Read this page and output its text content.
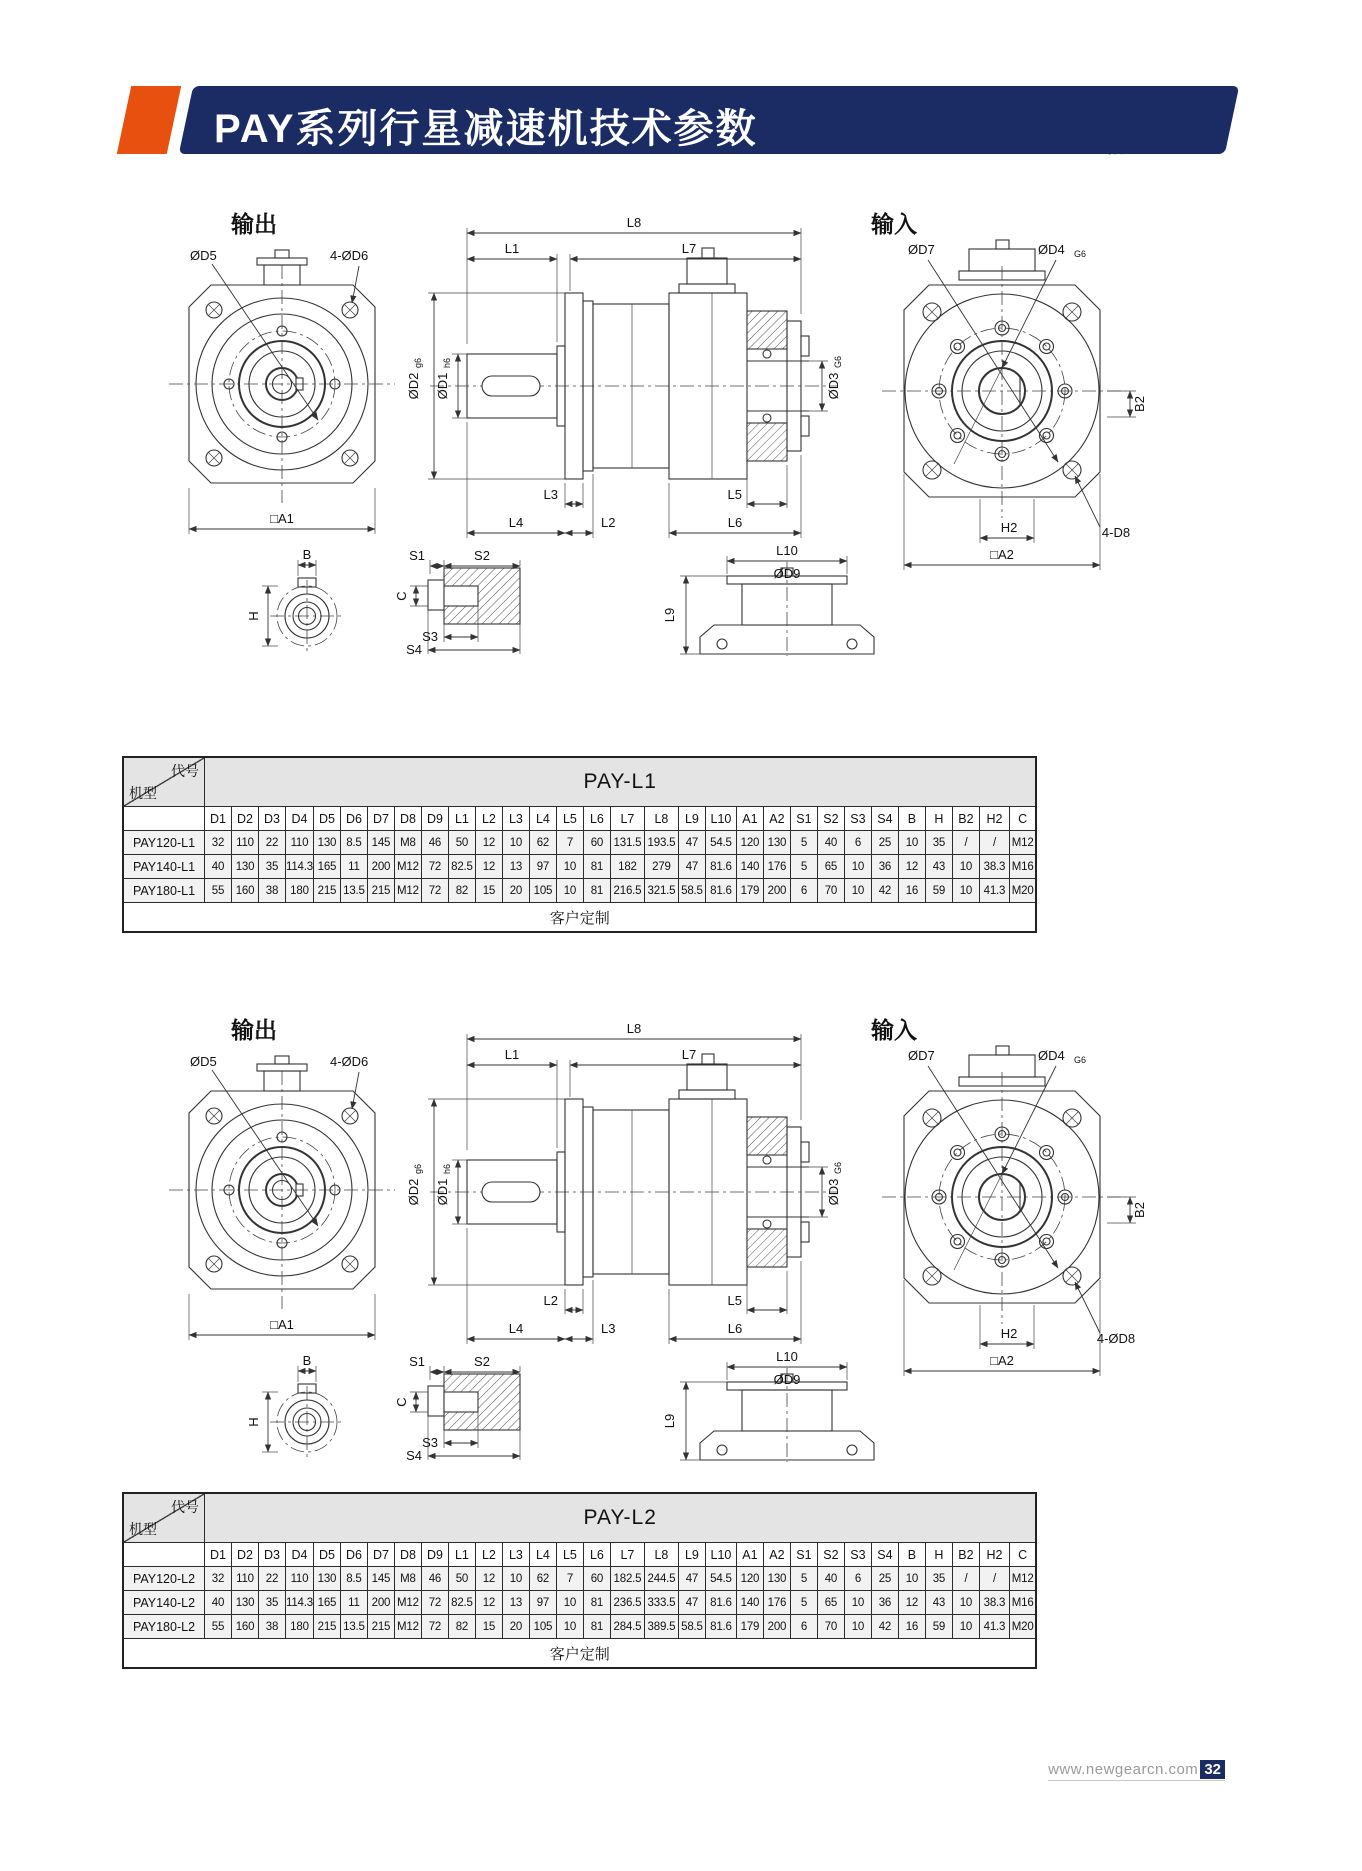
PAY系列行星减速机技术参数	NEWGEAR
纽格尔
输出
ØD5	4-ØD6
□A1
L8
L1	L7
ØD2
g6
ØD1
h6
ØD3
G6
L3
L4	L2
L5
L6
输入
ØD7	ØD4 G6
B2
H2
□A2
4-D8
B
H
S1	S2
C
S3
S4
L10
ØD9
L9
输出
ØD5	4-ØD6
□A1
L8
L1	L7
ØD2
g6
ØD1
h6
ØD3
G6
L2
L4	L3
L5
L6
输入
ØD7	ØD4 G6
B2
H2
□A2
4-ØD8
B
H
S1	S2
C
S3
S4
L10
ØD9
L9
代号
机型	PAY-L1																													
	D1	D2	D3	D4	D5	D6	D7	D8	D9	L1	L2	L3	L4	L5	L6	L7	L8	L9	L10	A1	A2	S1	S2	S3	S4	B	H	B2	H2	C
PAY120-L1	32	110	22	110	130	8.5	145	M8	46	50	12	10	62	7	60	131.5	193.5	47	54.5	120	130	5	40	6	25	10	35	/	/	M12
PAY140-L1	40	130	35	114.3	165	11	200	M12	72	82.5	12	13	97	10	81	182	279	47	81.6	140	176	5	65	10	36	12	43	10	38.3	M16
PAY180-L1	55	160	38	180	215	13.5	215	M12	72	82	15	20	105	10	81	216.5	321.5	58.5	81.6	179	200	6	70	10	42	16	59	10	41.3	M20
客户定制																														
代号
机型	PAY-L2																													
	D1	D2	D3	D4	D5	D6	D7	D8	D9	L1	L2	L3	L4	L5	L6	L7	L8	L9	L10	A1	A2	S1	S2	S3	S4	B	H	B2	H2	C
PAY120-L2	32	110	22	110	130	8.5	145	M8	46	50	12	10	62	7	60	182.5	244.5	47	54.5	120	130	5	40	6	25	10	35	/	/	M12
PAY140-L2	40	130	35	114.3	165	11	200	M12	72	82.5	12	13	97	10	81	236.5	333.5	47	81.6	140	176	5	65	10	36	12	43	10	38.3	M16
PAY180-L2	55	160	38	180	215	13.5	215	M12	72	82	15	20	105	10	81	284.5	389.5	58.5	81.6	179	200	6	70	10	42	16	59	10	41.3	M20
客户定制																														
www.newgearcn.com 32
